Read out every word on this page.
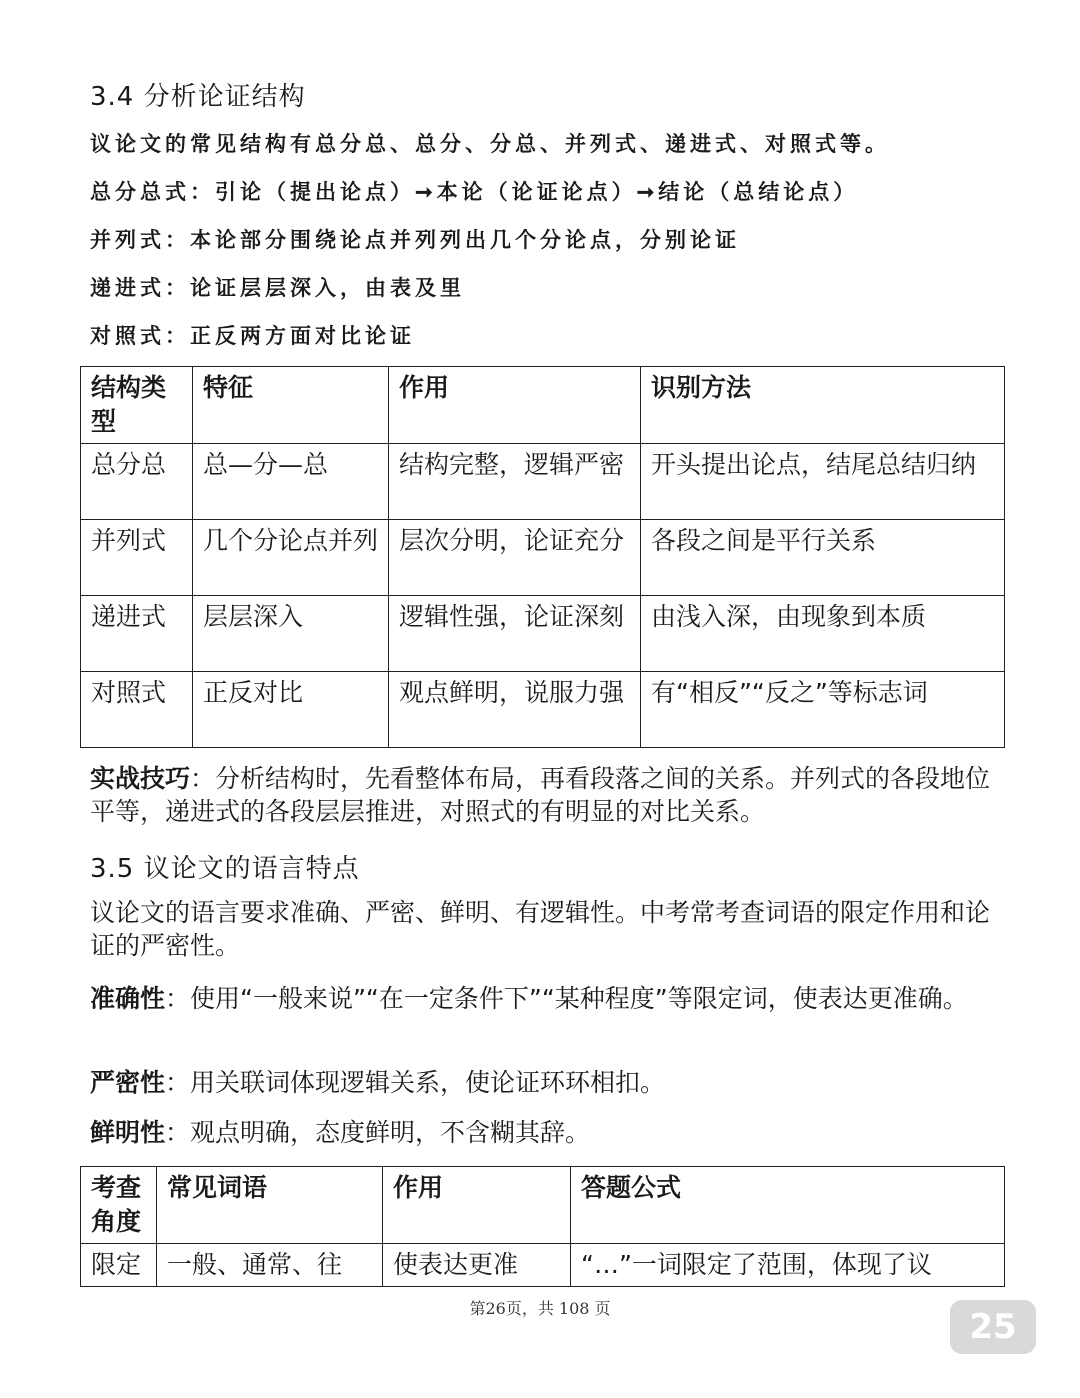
3.4 分析论证结构
议论文的常见结构有总分总、总分、分总、并列式、递进式、对照式等。
总分总式：引论（提出论点）➞本论（论证论点）➞结论（总结论点）
并列式：本论部分围绕论点并列列出几个分论点，分别论证
递进式：论证层层深入，由表及里
对照式：正反两方面对比论证
结构类型	特征	作用	识别方法
总分总	总—分—总	结构完整，逻辑严密	开头提出论点，结尾总结归纳
并列式	几个分论点并列	层次分明，论证充分	各段之间是平行关系
递进式	层层深入	逻辑性强，论证深刻	由浅入深，由现象到本质
对照式	正反对比	观点鲜明，说服力强	有“相反”“反之”等标志词
实战技巧：分析结构时，先看整体布局，再看段落之间的关系。并列式的各段地位平等，递进式的各段层层推进，对照式的有明显的对比关系。
3.5 议论文的语言特点
议论文的语言要求准确、严密、鲜明、有逻辑性。中考常考查词语的限定作用和论证的严密性。
准确性：使用“一般来说”“在一定条件下”“某种程度”等限定词，使表达更准确。
严密性：用关联词体现逻辑关系，使论证环环相扣。
鲜明性：观点明确，态度鲜明，不含糊其辞。
考查角度	常见词语	作用	答题公式
限定	一般、通常、往	使表达更准	“…”一词限定了范围，体现了议
第26页，共 108 页	25
